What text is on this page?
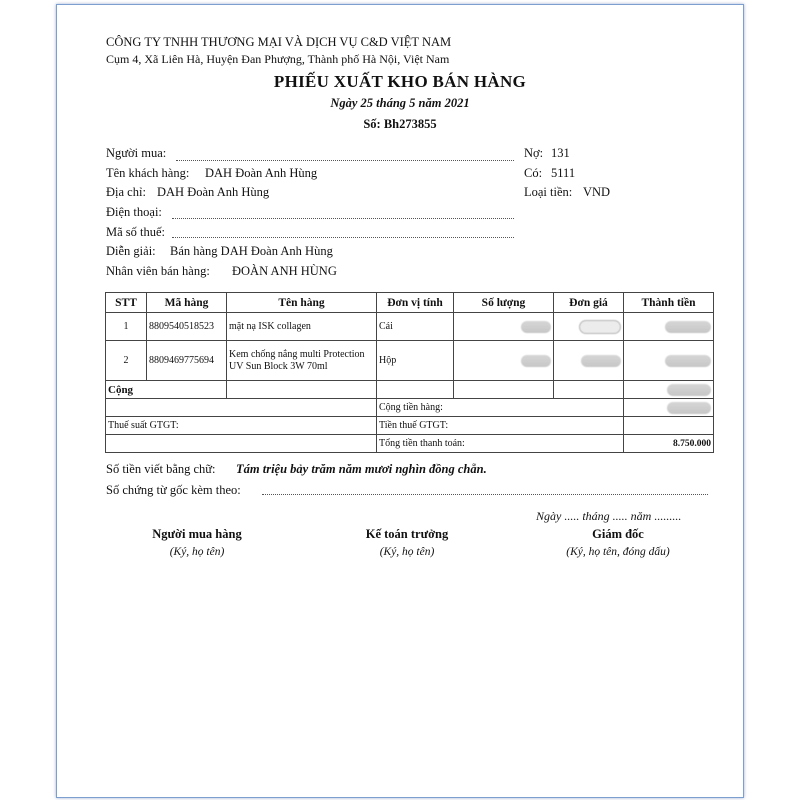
CÔNG TY TNHH THƯƠNG MẠI VÀ DỊCH VỤ C&D VIỆT NAM
Cụm 4, Xã Liên Hà, Huyện Đan Phượng, Thành phố Hà Nội, Việt Nam
PHIẾU XUẤT KHO BÁN HÀNG
Ngày 25 tháng 5 năm 2021
Số: Bh273855
Người mua:
Tên khách hàng: DAH Đoàn Anh Hùng
Địa chỉ: DAH Đoàn Anh Hùng
Điện thoại:
Mã số thuế:
Diễn giải: Bán hàng DAH Đoàn Anh Hùng
Nhân viên bán hàng: ĐOÀN ANH HÙNG
Nợ: 131
Có: 5111
Loại tiền: VND
STT	Mã hàng	Tên hàng	Đơn vị tính	Số lượng	Đơn giá	Thành tiền
1	8809540518523	mặt nạ ISK collagen	Cái			
2	8809469775694	Kem chống nắng multi Protection UV Sun Block 3W 70ml	Hộp			
Cộng						
			Cộng tiền hàng:			
Thuế suất GTGT:			Tiền thuế GTGT:			
			Tổng tiền thanh toán:			8.750.000
Số tiền viết bằng chữ: Tám triệu bảy trăm năm mươi nghìn đồng chẵn.
Số chứng từ gốc kèm theo:
Ngày ..... tháng ..... năm .........
Người mua hàng
(Ký, họ tên)
Kế toán trưởng
(Ký, họ tên)
Giám đốc
(Ký, họ tên, đóng dấu)
